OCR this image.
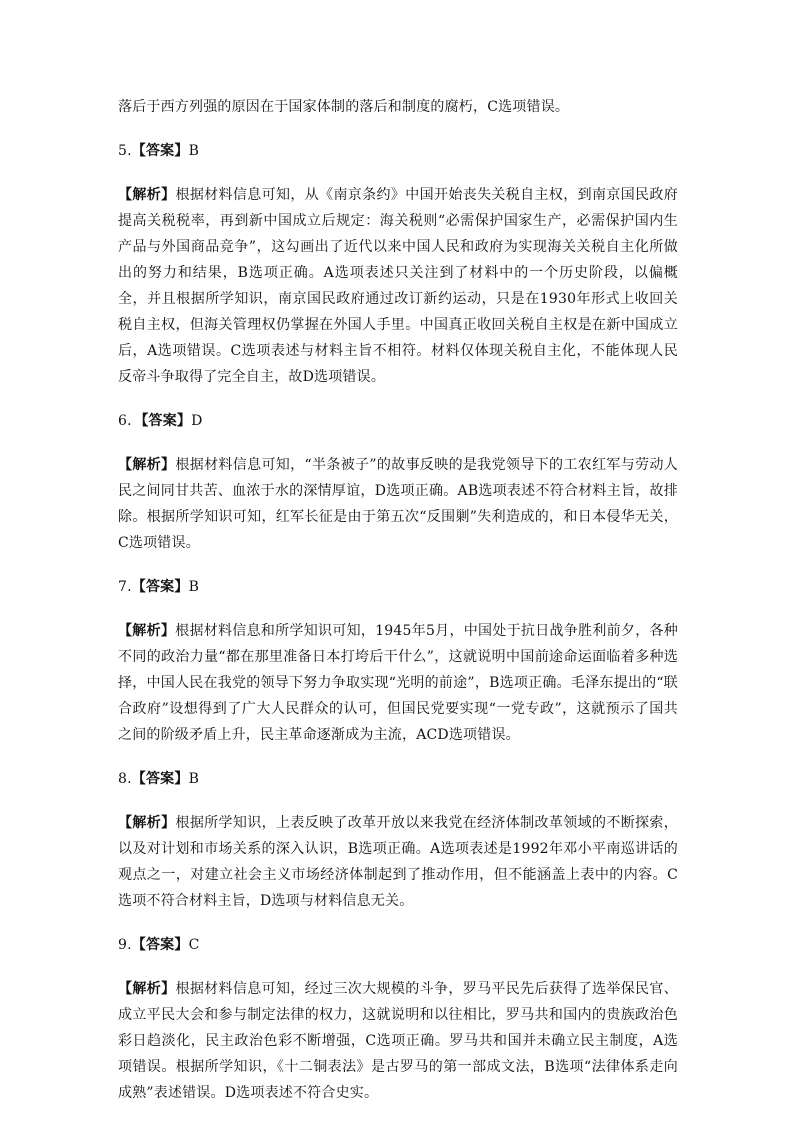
落后于西方列强的原因在于国家体制的落后和制度的腐朽，C选项错误。

5.【答案】B

【解析】根据材料信息可知，从《南京条约》中国开始丧失关税自主权，到南京国民政府提高关税税率，再到新中国成立后规定：海关税则“必需保护国家生产，必需保护国内生产品与外国商品竞争”，这勾画出了近代以来中国人民和政府为实现海关关税自主化所做出的努力和结果，B选项正确。A选项表述只关注到了材料中的一个历史阶段，以偏概全，并且根据所学知识，南京国民政府通过改订新约运动，只是在1930年形式上收回关税自主权，但海关管理权仍掌握在外国人手里。中国真正收回关税自主权是在新中国成立后，A选项错误。C选项表述与材料主旨不相符。材料仅体现关税自主化，不能体现人民反帝斗争取得了完全自主，故D选项错误。

6．【答案】D

【解析】根据材料信息可知，“半条被子”的故事反映的是我党领导下的工农红军与劳动人民之间同甘共苦、血浓于水的深情厚谊，D选项正确。AB选项表述不符合材料主旨，故排除。根据所学知识可知，红军长征是由于第五次“反围剿”失利造成的，和日本侵华无关，C选项错误。

7.【答案】B

【解析】根据材料信息和所学知识可知，1945年5月，中国处于抗日战争胜利前夕，各种不同的政治力量“都在那里准备日本打垮后干什么”，这就说明中国前途命运面临着多种选择，中国人民在我党的领导下努力争取实现“光明的前途”，B选项正确。毛泽东提出的“联合政府”设想得到了广大人民群众的认可，但国民党要实现“一党专政”，这就预示了国共之间的阶级矛盾上升，民主革命逐渐成为主流，ACD选项错误。

8.【答案】B

【解析】根据所学知识，上表反映了改革开放以来我党在经济体制改革领域的不断探索，以及对计划和市场关系的深入认识，B选项正确。A选项表述是1992年邓小平南巡讲话的观点之一，对建立社会主义市场经济体制起到了推动作用，但不能涵盖上表中的内容。C选项不符合材料主旨，D选项与材料信息无关。

9.【答案】C

【解析】根据材料信息可知，经过三次大规模的斗争，罗马平民先后获得了选举保民官、成立平民大会和参与制定法律的权力，这就说明和以往相比，罗马共和国内的贵族政治色彩日趋淡化，民主政治色彩不断增强，C选项正确。罗马共和国并未确立民主制度，A选项错误。根据所学知识，《十二铜表法》是古罗马的第一部成文法，B选项“法律体系走向成熟”表述错误。D选项表述不符合史实。
